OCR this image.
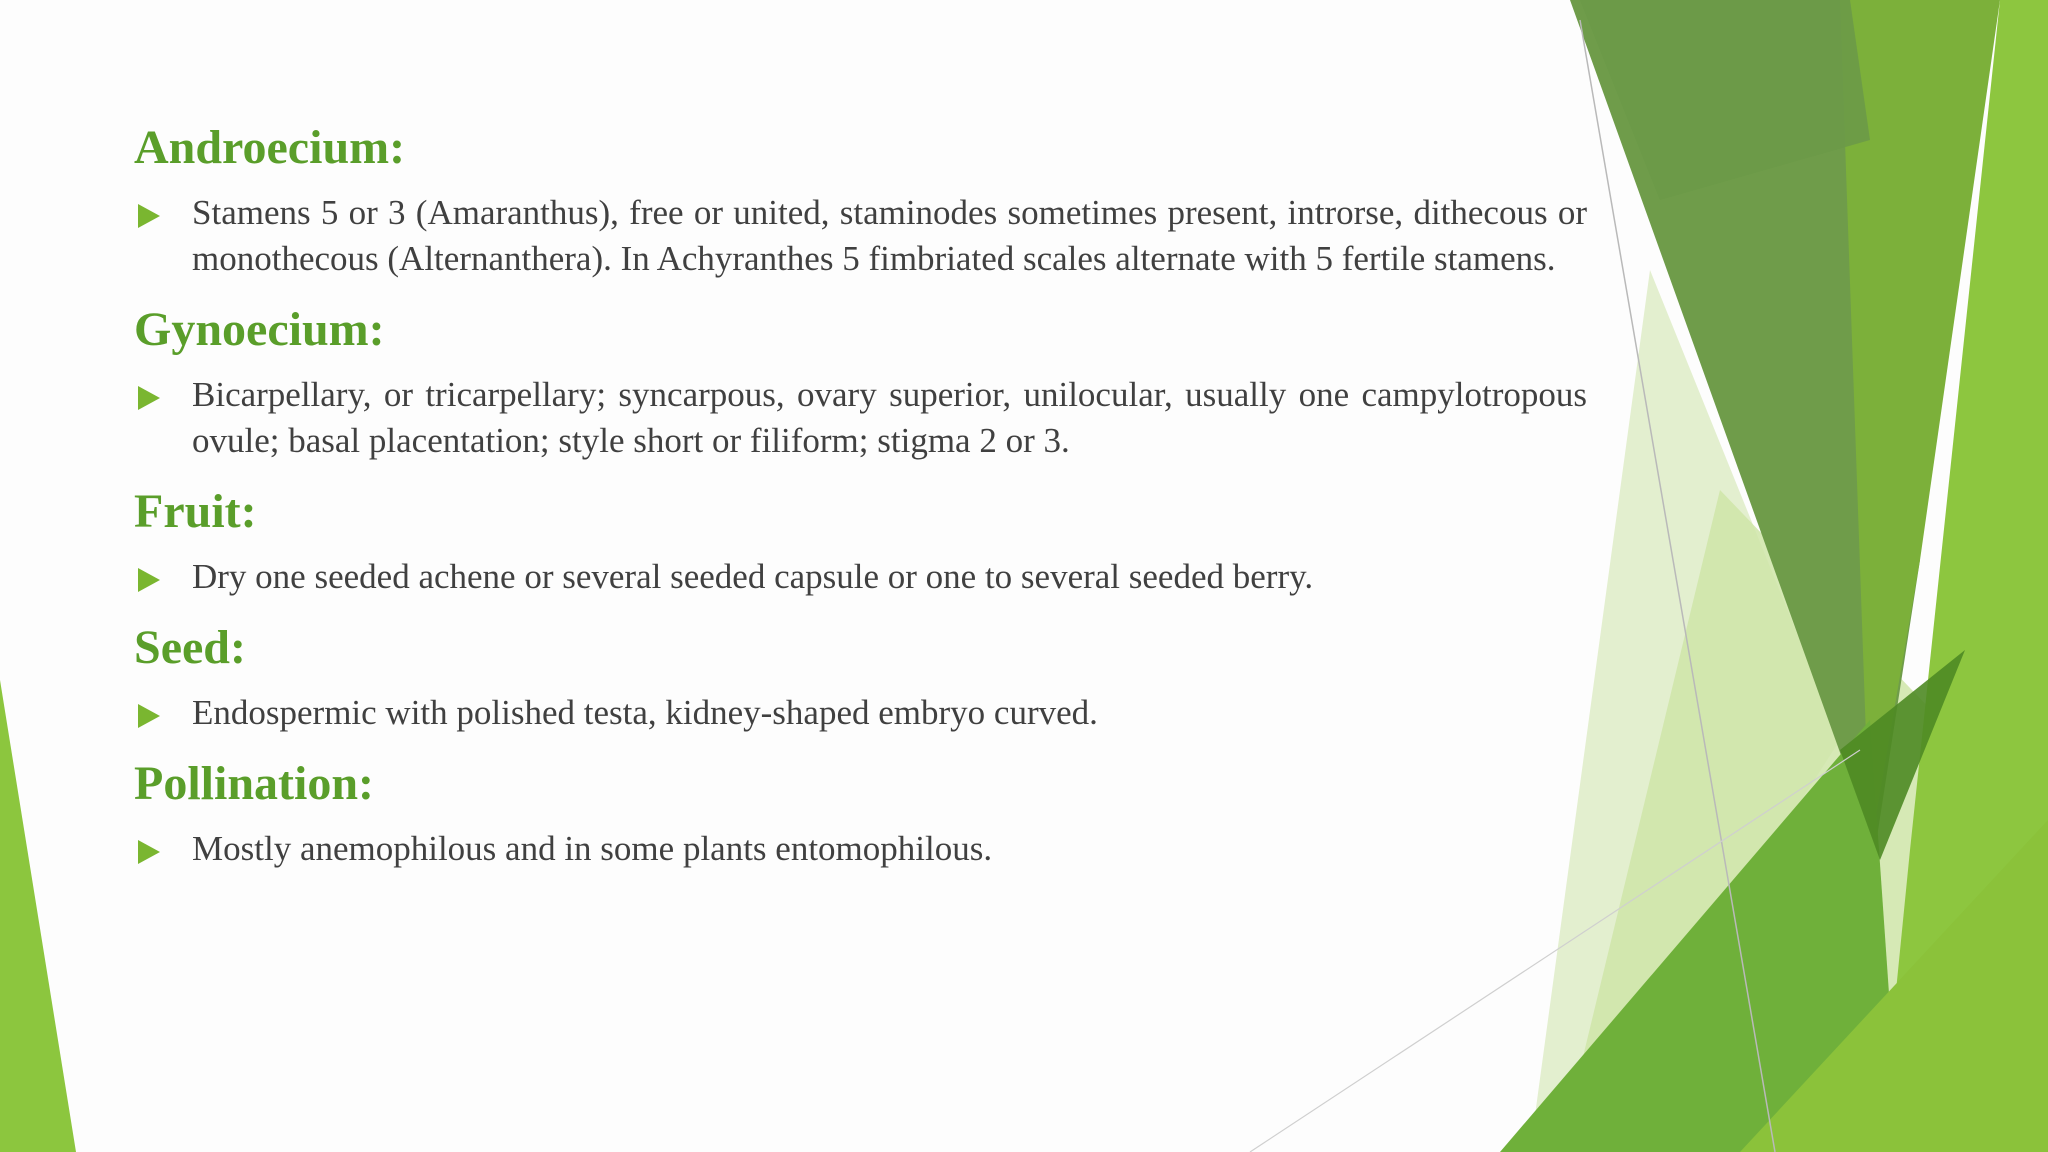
Androecium:
Stamens 5 or 3 (Amaranthus), free or united, staminodes sometimes present, introrse, dithecous or monothecous (Alternanthera). In Achyranthes 5 fimbriated scales alternate with 5 fertile stamens.
Gynoecium:
Bicarpellary, or tricarpellary; syncarpous, ovary superior, unilocular, usually one campylotropous ovule; basal placentation; style short or filiform; stigma 2 or 3.
Fruit:
Dry one seeded achene or several seeded capsule or one to several seeded berry.
Seed:
Endospermic with polished testa, kidney-shaped embryo curved.
Pollination:
Mostly anemophilous and in some plants entomophilous.
